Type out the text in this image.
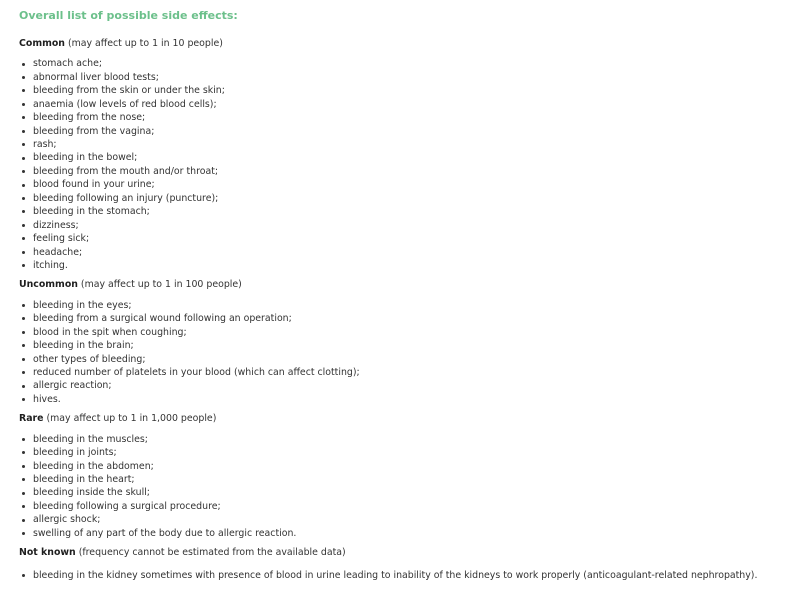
Overall list of possible side effects:
Common (may affect up to 1 in 10 people)
stomach ache;
abnormal liver blood tests;
bleeding from the skin or under the skin;
anaemia (low levels of red blood cells);
bleeding from the nose;
bleeding from the vagina;
rash;
bleeding in the bowel;
bleeding from the mouth and/or throat;
blood found in your urine;
bleeding following an injury (puncture);
bleeding in the stomach;
dizziness;
feeling sick;
headache;
itching.
Uncommon (may affect up to 1 in 100 people)
bleeding in the eyes;
bleeding from a surgical wound following an operation;
blood in the spit when coughing;
bleeding in the brain;
other types of bleeding;
reduced number of platelets in your blood (which can affect clotting);
allergic reaction;
hives.
Rare (may affect up to 1 in 1,000 people)
bleeding in the muscles;
bleeding in joints;
bleeding in the abdomen;
bleeding in the heart;
bleeding inside the skull;
bleeding following a surgical procedure;
allergic shock;
swelling of any part of the body due to allergic reaction.
Not known (frequency cannot be estimated from the available data)
bleeding in the kidney sometimes with presence of blood in urine leading to inability of the kidneys to work properly (anticoagulant-related nephropathy).
